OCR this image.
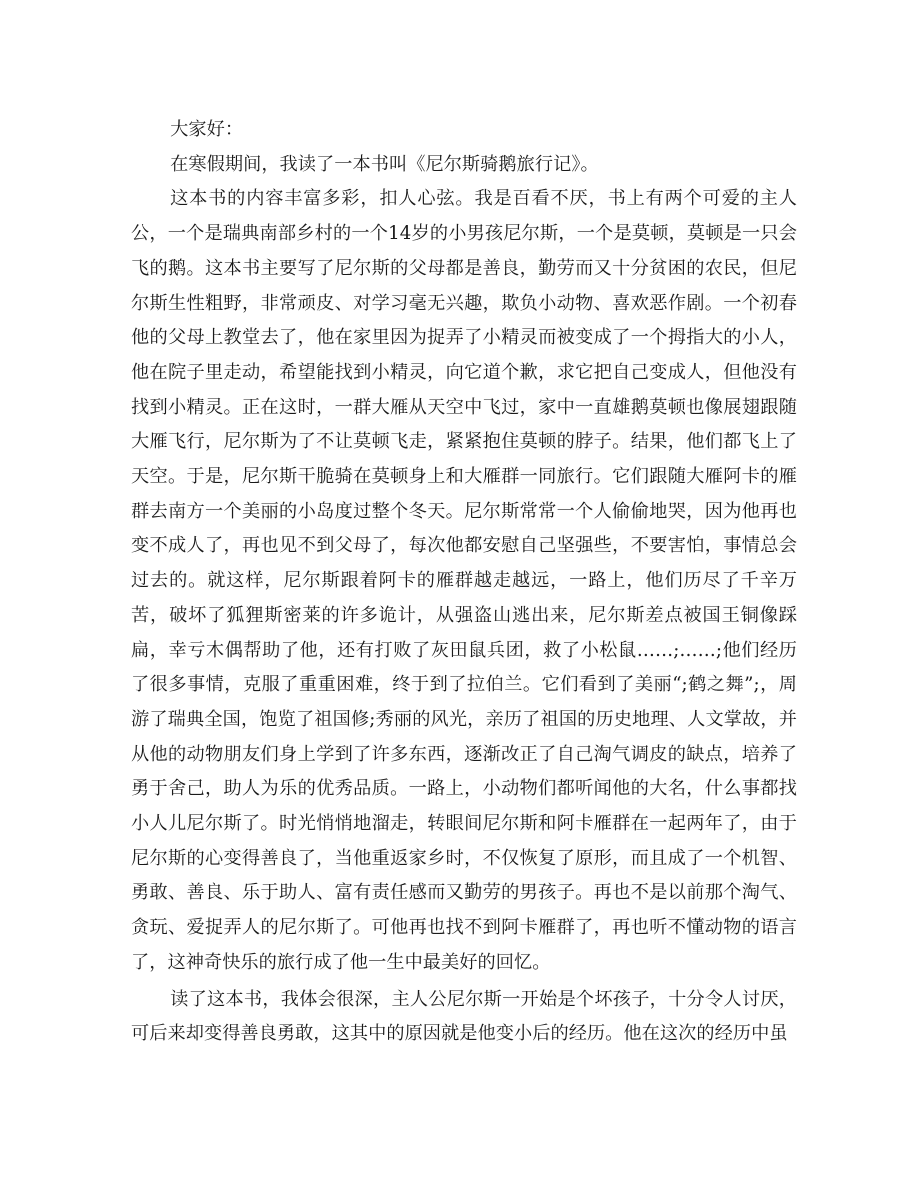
大家好：

在寒假期间，我读了一本书叫《尼尔斯骑鹅旅行记》。

这本书的内容丰富多彩，扣人心弦。我是百看不厌，书上有两个可爱的主人公，一个是瑞典南部乡村的一个14岁的小男孩尼尔斯，一个是莫顿，莫顿是一只会飞的鹅。这本书主要写了尼尔斯的父母都是善良，勤劳而又十分贫困的农民，但尼尔斯生性粗野，非常顽皮、对学习毫无兴趣，欺负小动物、喜欢恶作剧。一个初春他的父母上教堂去了，他在家里因为捉弄了小精灵而被变成了一个拇指大的小人，他在院子里走动，希望能找到小精灵，向它道个歉，求它把自己变成人，但他没有找到小精灵。正在这时，一群大雁从天空中飞过，家中一直雄鹅莫顿也像展翅跟随大雁飞行，尼尔斯为了不让莫顿飞走，紧紧抱住莫顿的脖子。结果，他们都飞上了天空。于是，尼尔斯干脆骑在莫顿身上和大雁群一同旅行。它们跟随大雁阿卡的雁群去南方一个美丽的小岛度过整个冬天。尼尔斯常常一个人偷偷地哭，因为他再也变不成人了，再也见不到父母了，每次他都安慰自己坚强些，不要害怕，事情总会过去的。就这样，尼尔斯跟着阿卡的雁群越走越远，一路上，他们历尽了千辛万苦，破坏了狐狸斯密莱的许多诡计，从强盗山逃出来，尼尔斯差点被国王铜像踩扁，幸亏木偶帮助了他，还有打败了灰田鼠兵团，救了小松鼠……;……;他们经历了很多事情，克服了重重困难，终于到了拉伯兰。它们看到了美丽“;鹤之舞”;，周游了瑞典全国，饱览了祖国修;秀丽的风光，亲历了祖国的历史地理、人文掌故，并从他的动物朋友们身上学到了许多东西，逐渐改正了自己淘气调皮的缺点，培养了勇于舍己，助人为乐的优秀品质。一路上，小动物们都听闻他的大名，什么事都找小人儿尼尔斯了。时光悄悄地溜走，转眼间尼尔斯和阿卡雁群在一起两年了，由于尼尔斯的心变得善良了，当他重返家乡时，不仅恢复了原形，而且成了一个机智、勇敢、善良、乐于助人、富有责任感而又勤劳的男孩子。再也不是以前那个淘气、贪玩、爱捉弄人的尼尔斯了。可他再也找不到阿卡雁群了，再也听不懂动物的语言了，这神奇快乐的旅行成了他一生中最美好的回忆。

读了这本书，我体会很深，主人公尼尔斯一开始是个坏孩子，十分令人讨厌，可后来却变得善良勇敢，这其中的原因就是他变小后的经历。他在这次的经历中虽
